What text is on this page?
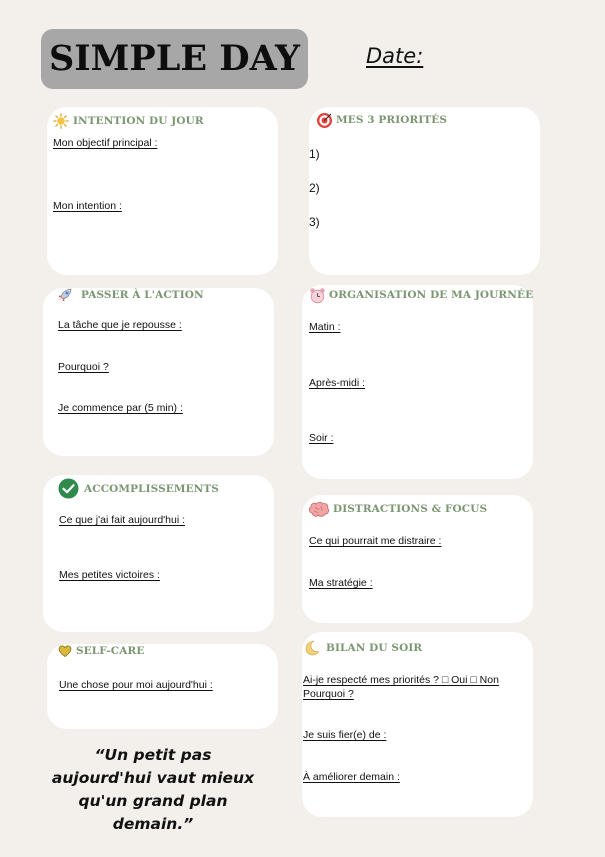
SIMPLE DAY	Date:
INTENTION DU JOUR
Mon objectif principal :
Mon intention :
MES 3 PRIORITÉS
1)
2)
3)
PASSER À L'ACTION
La tâche que je repousse :
Pourquoi ?
Je commence par (5 min) :
ORGANISATION DE MA JOURNÉE
Matin :
Après-midi :
Soir :
ACCOMPLISSEMENTS
Ce que j'ai fait aujourd'hui :
Mes petites victoires :
DISTRACTIONS & FOCUS
Ce qui pourrait me distraire :
Ma stratégie :
SELF-CARE
Une chose pour moi aujourd'hui :
BILAN DU SOIR
Ai-je respecté mes priorités ? □ Oui □ Non
Pourquoi ?
Je suis fier(e) de :
À améliorer demain :
“Un petit pas aujourd'hui vaut mieux qu'un grand plan demain.”
